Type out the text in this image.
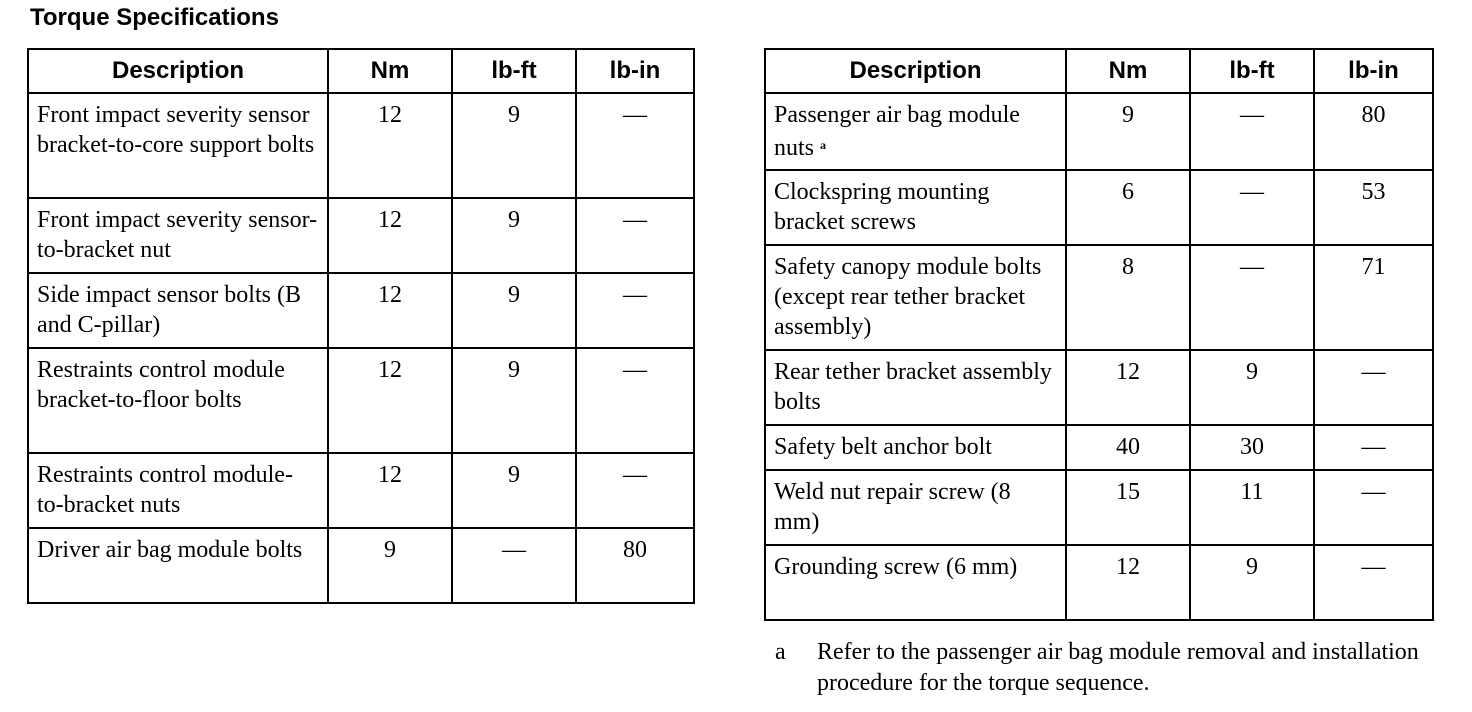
Torque Specifications
Description	Nm	lb-ft	lb-in
Front impact severity sensor bracket-to-core support bolts	12	9	—
Front impact severity sensor-to-bracket nut	12	9	—
Side impact sensor bolts (B and C-pillar)	12	9	—
Restraints control module bracket-to-floor bolts	12	9	—
Restraints control module-to-bracket nuts	12	9	—
Driver air bag module bolts	9	—	80
Description	Nm	lb-ft	lb-in
Passenger air bag module nuts $^a$	9	—	80
Clockspring mounting bracket screws	6	—	53
Safety canopy module bolts (except rear tether bracket assembly)	8	—	71
Rear tether bracket assembly bolts	12	9	—
Safety belt anchor bolt	40	30	—
Weld nut repair screw (8 mm)	15	11	—
Grounding screw (6 mm)	12	9	—
a Refer to the passenger air bag module removal and installation procedure for the torque sequence.
